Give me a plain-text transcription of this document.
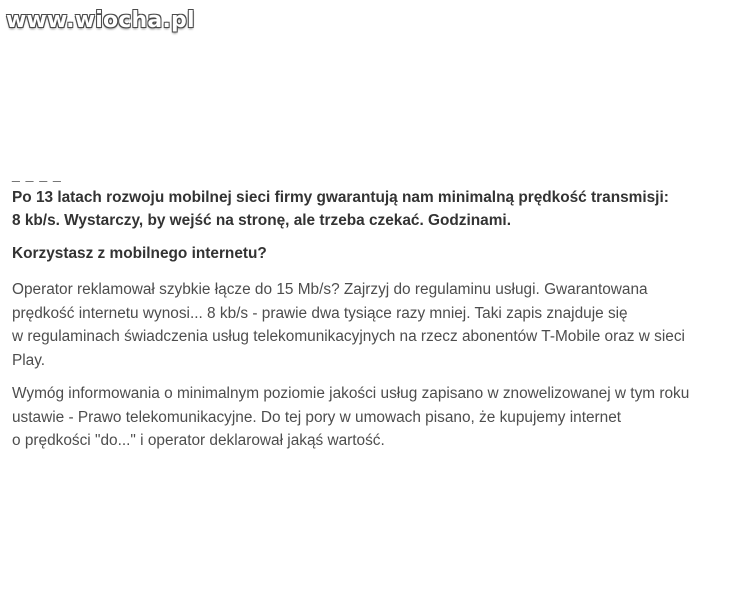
www.wiocha.pl
_ _ _ _

Po 13 latach rozwoju mobilnej sieci firmy gwarantują nam minimalną prędkość transmisji:
8 kb/s. Wystarczy, by wejść na stronę, ale trzeba czekać. Godzinami.

Korzystasz z mobilnego internetu?

Operator reklamował szybkie łącze do 15 Mb/s? Zajrzyj do regulaminu usługi. Gwarantowana
prędkość internetu wynosi... 8 kb/s - prawie dwa tysiące razy mniej. Taki zapis znajduje się
w regulaminach świadczenia usług telekomunikacyjnych na rzecz abonentów T-Mobile oraz w sieci
Play.

Wymóg informowania o minimalnym poziomie jakości usług zapisano w znowelizowanej w tym roku
ustawie - Prawo telekomunikacyjne. Do tej pory w umowach pisano, że kupujemy internet
o prędkości "do..." i operator deklarował jakąś wartość.
